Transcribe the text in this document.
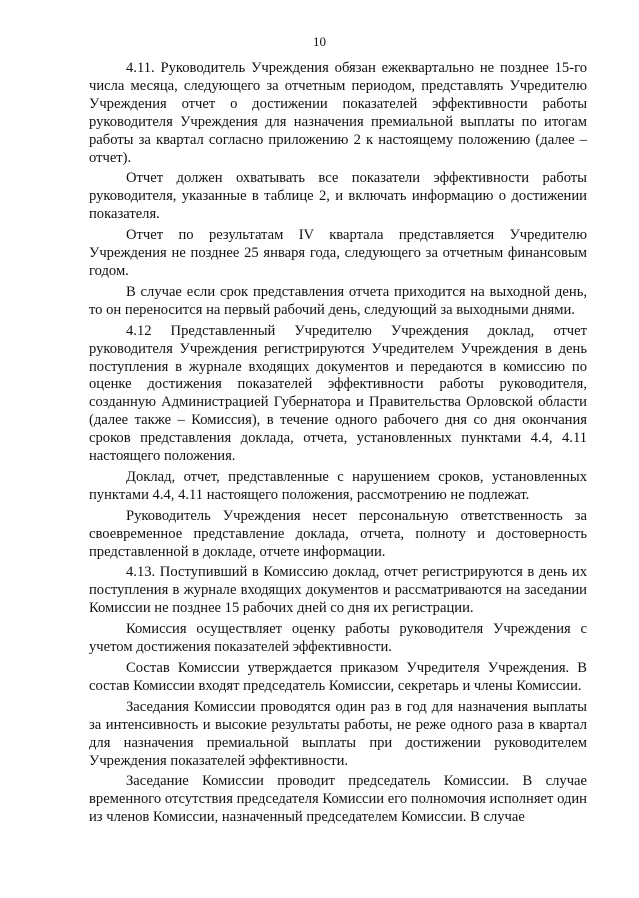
10

4.11. Руководитель Учреждения обязан ежеквартально не позднее 15-го числа месяца, следующего за отчетным периодом, представлять Учредителю Учреждения отчет о достижении показателей эффективности работы руководителя Учреждения для назначения премиальной выплаты по итогам работы за квартал согласно приложению 2 к настоящему положению (далее – отчет).

Отчет должен охватывать все показатели эффективности работы руководителя, указанные в таблице 2, и включать информацию о достижении показателя.

Отчет по результатам IV квартала представляется Учредителю Учреждения не позднее 25 января года, следующего за отчетным финансовым годом.

В случае если срок представления отчета приходится на выходной день, то он переносится на первый рабочий день, следующий за выходными днями.

4.12 Представленный Учредителю Учреждения доклад, отчет руководителя Учреждения регистрируются Учредителем Учреждения в день поступления в журнале входящих документов и передаются в комиссию по оценке достижения показателей эффективности работы руководителя, созданную Администрацией Губернатора и Правительства Орловской области (далее также – Комиссия), в течение одного рабочего дня со дня окончания сроков представления доклада, отчета, установленных пунктами 4.4, 4.11 настоящего положения.

Доклад, отчет, представленные с нарушением сроков, установленных пунктами 4.4, 4.11 настоящего положения, рассмотрению не подлежат.

Руководитель Учреждения несет персональную ответственность за своевременное представление доклада, отчета, полноту и достоверность представленной в докладе, отчете информации.

4.13. Поступивший в Комиссию доклад, отчет регистрируются в день их поступления в журнале входящих документов и рассматриваются на заседании Комиссии не позднее 15 рабочих дней со дня их регистрации.

Комиссия осуществляет оценку работы руководителя Учреждения с учетом достижения показателей эффективности.

Состав Комиссии утверждается приказом Учредителя Учреждения. В состав Комиссии входят председатель Комиссии, секретарь и члены Комиссии.

Заседания Комиссии проводятся один раз в год для назначения выплаты за интенсивность и высокие результаты работы, не реже одного раза в квартал для назначения премиальной выплаты при достижении руководителем Учреждения показателей эффективности.

Заседание Комиссии проводит председатель Комиссии. В случае временного отсутствия председателя Комиссии его полномочия исполняет один из членов Комиссии, назначенный председателем Комиссии. В случае
